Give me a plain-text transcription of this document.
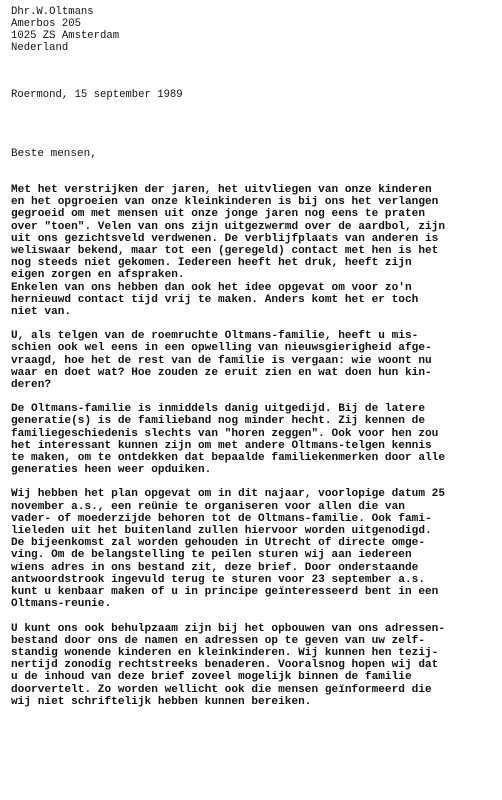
Dhr.W.Oltmans
Amerbos 205
1025 ZS Amsterdam
Nederland
Roermond, 15 september 1989
Beste mensen,

Met het verstrijken der jaren, het uitvliegen van onze kinderen
en het opgroeien van onze kleinkinderen is bij ons het verlangen
gegroeid om met mensen uit onze jonge jaren nog eens te praten
over "toen". Velen van ons zijn uitgezwermd over de aardbol, zijn
uit ons gezichtsveld verdwenen. De verblijfplaats van anderen is
weliswaar bekend, maar tot een (geregeld) contact met hen is het
nog steeds niet gekomen. Iedereen heeft het druk, heeft zijn
eigen zorgen en afspraken.
Enkelen van ons hebben dan ook het idee opgevat om voor zo'n
hernieuwd contact tijd vrij te maken. Anders komt het er toch
niet van.

U, als telgen van de roemruchte Oltmans-familie, heeft u mis-
schien ook wel eens in een opwelling van nieuwsgierigheid afge-
vraagd, hoe het de rest van de familie is vergaan: wie woont nu
waar en doet wat? Hoe zouden ze eruit zien en wat doen hun kin-
deren?

De Oltmans-familie is inmiddels danig uitgedijd. Bij de latere
generatie(s) is de familieband nog minder hecht. Zij kennen de
familiegeschiedenis slechts van "horen zeggen". Ook voor hen zou
het interessant kunnen zijn om met andere Oltmans-telgen kennis
te maken, om te ontdekken dat bepaalde familiekenmerken door alle
generaties heen weer opduiken.

Wij hebben het plan opgevat om in dit najaar, voorlopige datum 25
november a.s., een reünie te organiseren voor allen die van
vader- of moederzijde behoren tot de Oltmans-familie. Ook fami-
lieleden uit het buitenland zullen hiervoor worden uitgenodigd.
De bijeenkomst zal worden gehouden in Utrecht of directe omge-
ving. Om de belangstelling te peilen sturen wij aan iedereen
wiens adres in ons bestand zit, deze brief. Door onderstaande
antwoordstrook ingevuld terug te sturen voor 23 september a.s.
kunt u kenbaar maken of u in principe geïnteresseerd bent in een
Oltmans-reunie.

U kunt ons ook behulpzaam zijn bij het opbouwen van ons adressen-
bestand door ons de namen en adressen op te geven van uw zelf-
standig wonende kinderen en kleinkinderen. Wij kunnen hen tezij-
nertijd zonodig rechtstreeks benaderen. Vooralsnog hopen wij dat
u de inhoud van deze brief zoveel mogelijk binnen de familie
doorvertelt. Zo worden wellicht ook die mensen geïnformeerd die
wij niet schriftelijk hebben kunnen bereiken.
